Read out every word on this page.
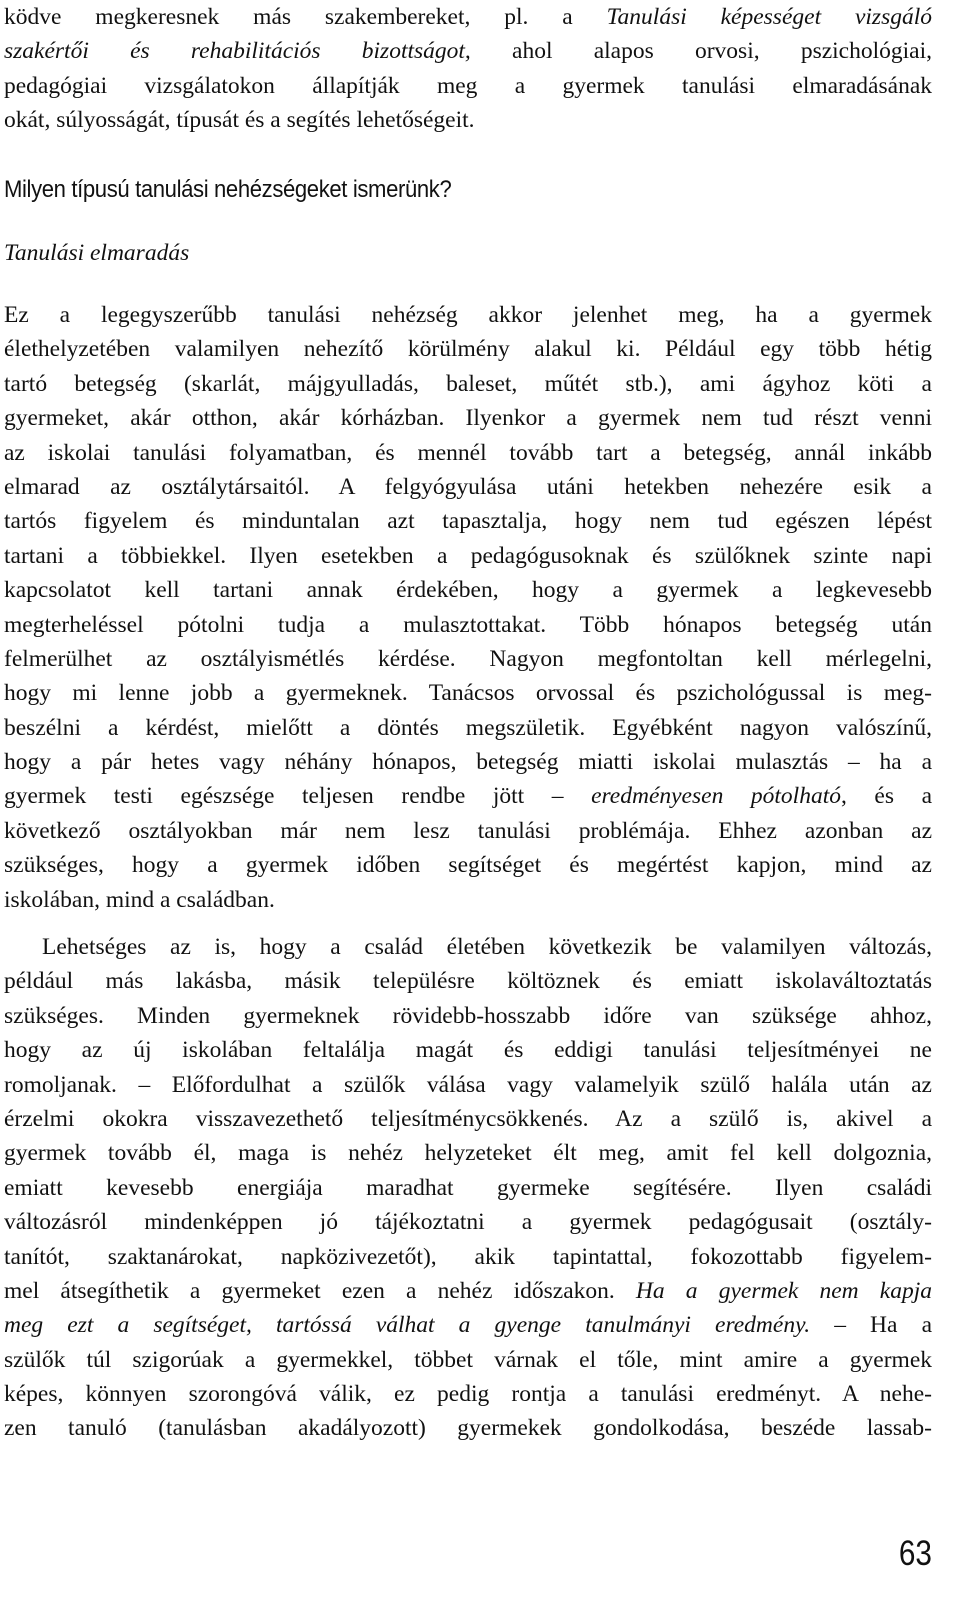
ködve megkeresnek más szakembereket, pl. a Tanulási képességet vizsgáló
szakértői és rehabilitációs bizottságot, ahol alapos orvosi, pszichológiai,
pedagógiai vizsgálatokon állapítják meg a gyermek tanulási elmaradásának
okát, súlyosságát, típusát és a segítés lehetőségeit.
Milyen típusú tanulási nehézségeket ismerünk?
Tanulási elmaradás
Ez a legegyszerűbb tanulási nehézség akkor jelenhet meg, ha a gyermek
élethelyzetében valamilyen nehezítő körülmény alakul ki. Például egy több hétig
tartó betegség (skarlát, májgyulladás, baleset, műtét stb.), ami ágyhoz köti a
gyermeket, akár otthon, akár kórházban. Ilyenkor a gyermek nem tud részt venni
az iskolai tanulási folyamatban, és mennél tovább tart a betegség, annál inkább
elmarad az osztálytársaitól. A felgyógyulása utáni hetekben nehezére esik a
tartós figyelem és minduntalan azt tapasztalja, hogy nem tud egészen lépést
tartani a többiekkel. Ilyen esetekben a pedagógusoknak és szülőknek szinte napi
kapcsolatot kell tartani annak érdekében, hogy a gyermek a legkevesebb
megterheléssel pótolni tudja a mulasztottakat. Több hónapos betegség után
felmerülhet az osztályismétlés kérdése. Nagyon megfontoltan kell mérlegelni,
hogy mi lenne jobb a gyermeknek. Tanácsos orvossal és pszichológussal is meg-
beszélni a kérdést, mielőtt a döntés megszületik. Egyébként nagyon valószínű,
hogy a pár hetes vagy néhány hónapos, betegség miatti iskolai mulasztás – ha a
gyermek testi egészsége teljesen rendbe jött – eredményesen pótolható, és a
következő osztályokban már nem lesz tanulási problémája. Ehhez azonban az
szükséges, hogy a gyermek időben segítséget és megértést kapjon, mind az
iskolában, mind a családban.
Lehetséges az is, hogy a család életében következik be valamilyen változás,
például más lakásba, másik településre költöznek és emiatt iskolaváltoztatás
szükséges. Minden gyermeknek rövidebb-hosszabb időre van szüksége ahhoz,
hogy az új iskolában feltalálja magát és eddigi tanulási teljesítményei ne
romoljanak. – Előfordulhat a szülők válása vagy valamelyik szülő halála után az
érzelmi okokra visszavezethető teljesítménycsökkenés. Az a szülő is, akivel a
gyermek tovább él, maga is nehéz helyzeteket élt meg, amit fel kell dolgoznia,
emiatt kevesebb energiája maradhat gyermeke segítésére. Ilyen családi
változásról mindenképpen jó tájékoztatni a gyermek pedagógusait (osztály-
tanítót, szaktanárokat, napközivezetőt), akik tapintattal, fokozottabb figyelem-
mel átsegíthetik a gyermeket ezen a nehéz időszakon. Ha a gyermek nem kapja
meg ezt a segítséget, tartóssá válhat a gyenge tanulmányi eredmény. – Ha a
szülők túl szigorúak a gyermekkel, többet várnak el tőle, mint amire a gyermek
képes, könnyen szorongóvá válik, ez pedig rontja a tanulási eredményt. A nehe-
zen tanuló (tanulásban akadályozott) gyermekek gondolkodása, beszéde lassab-
63
